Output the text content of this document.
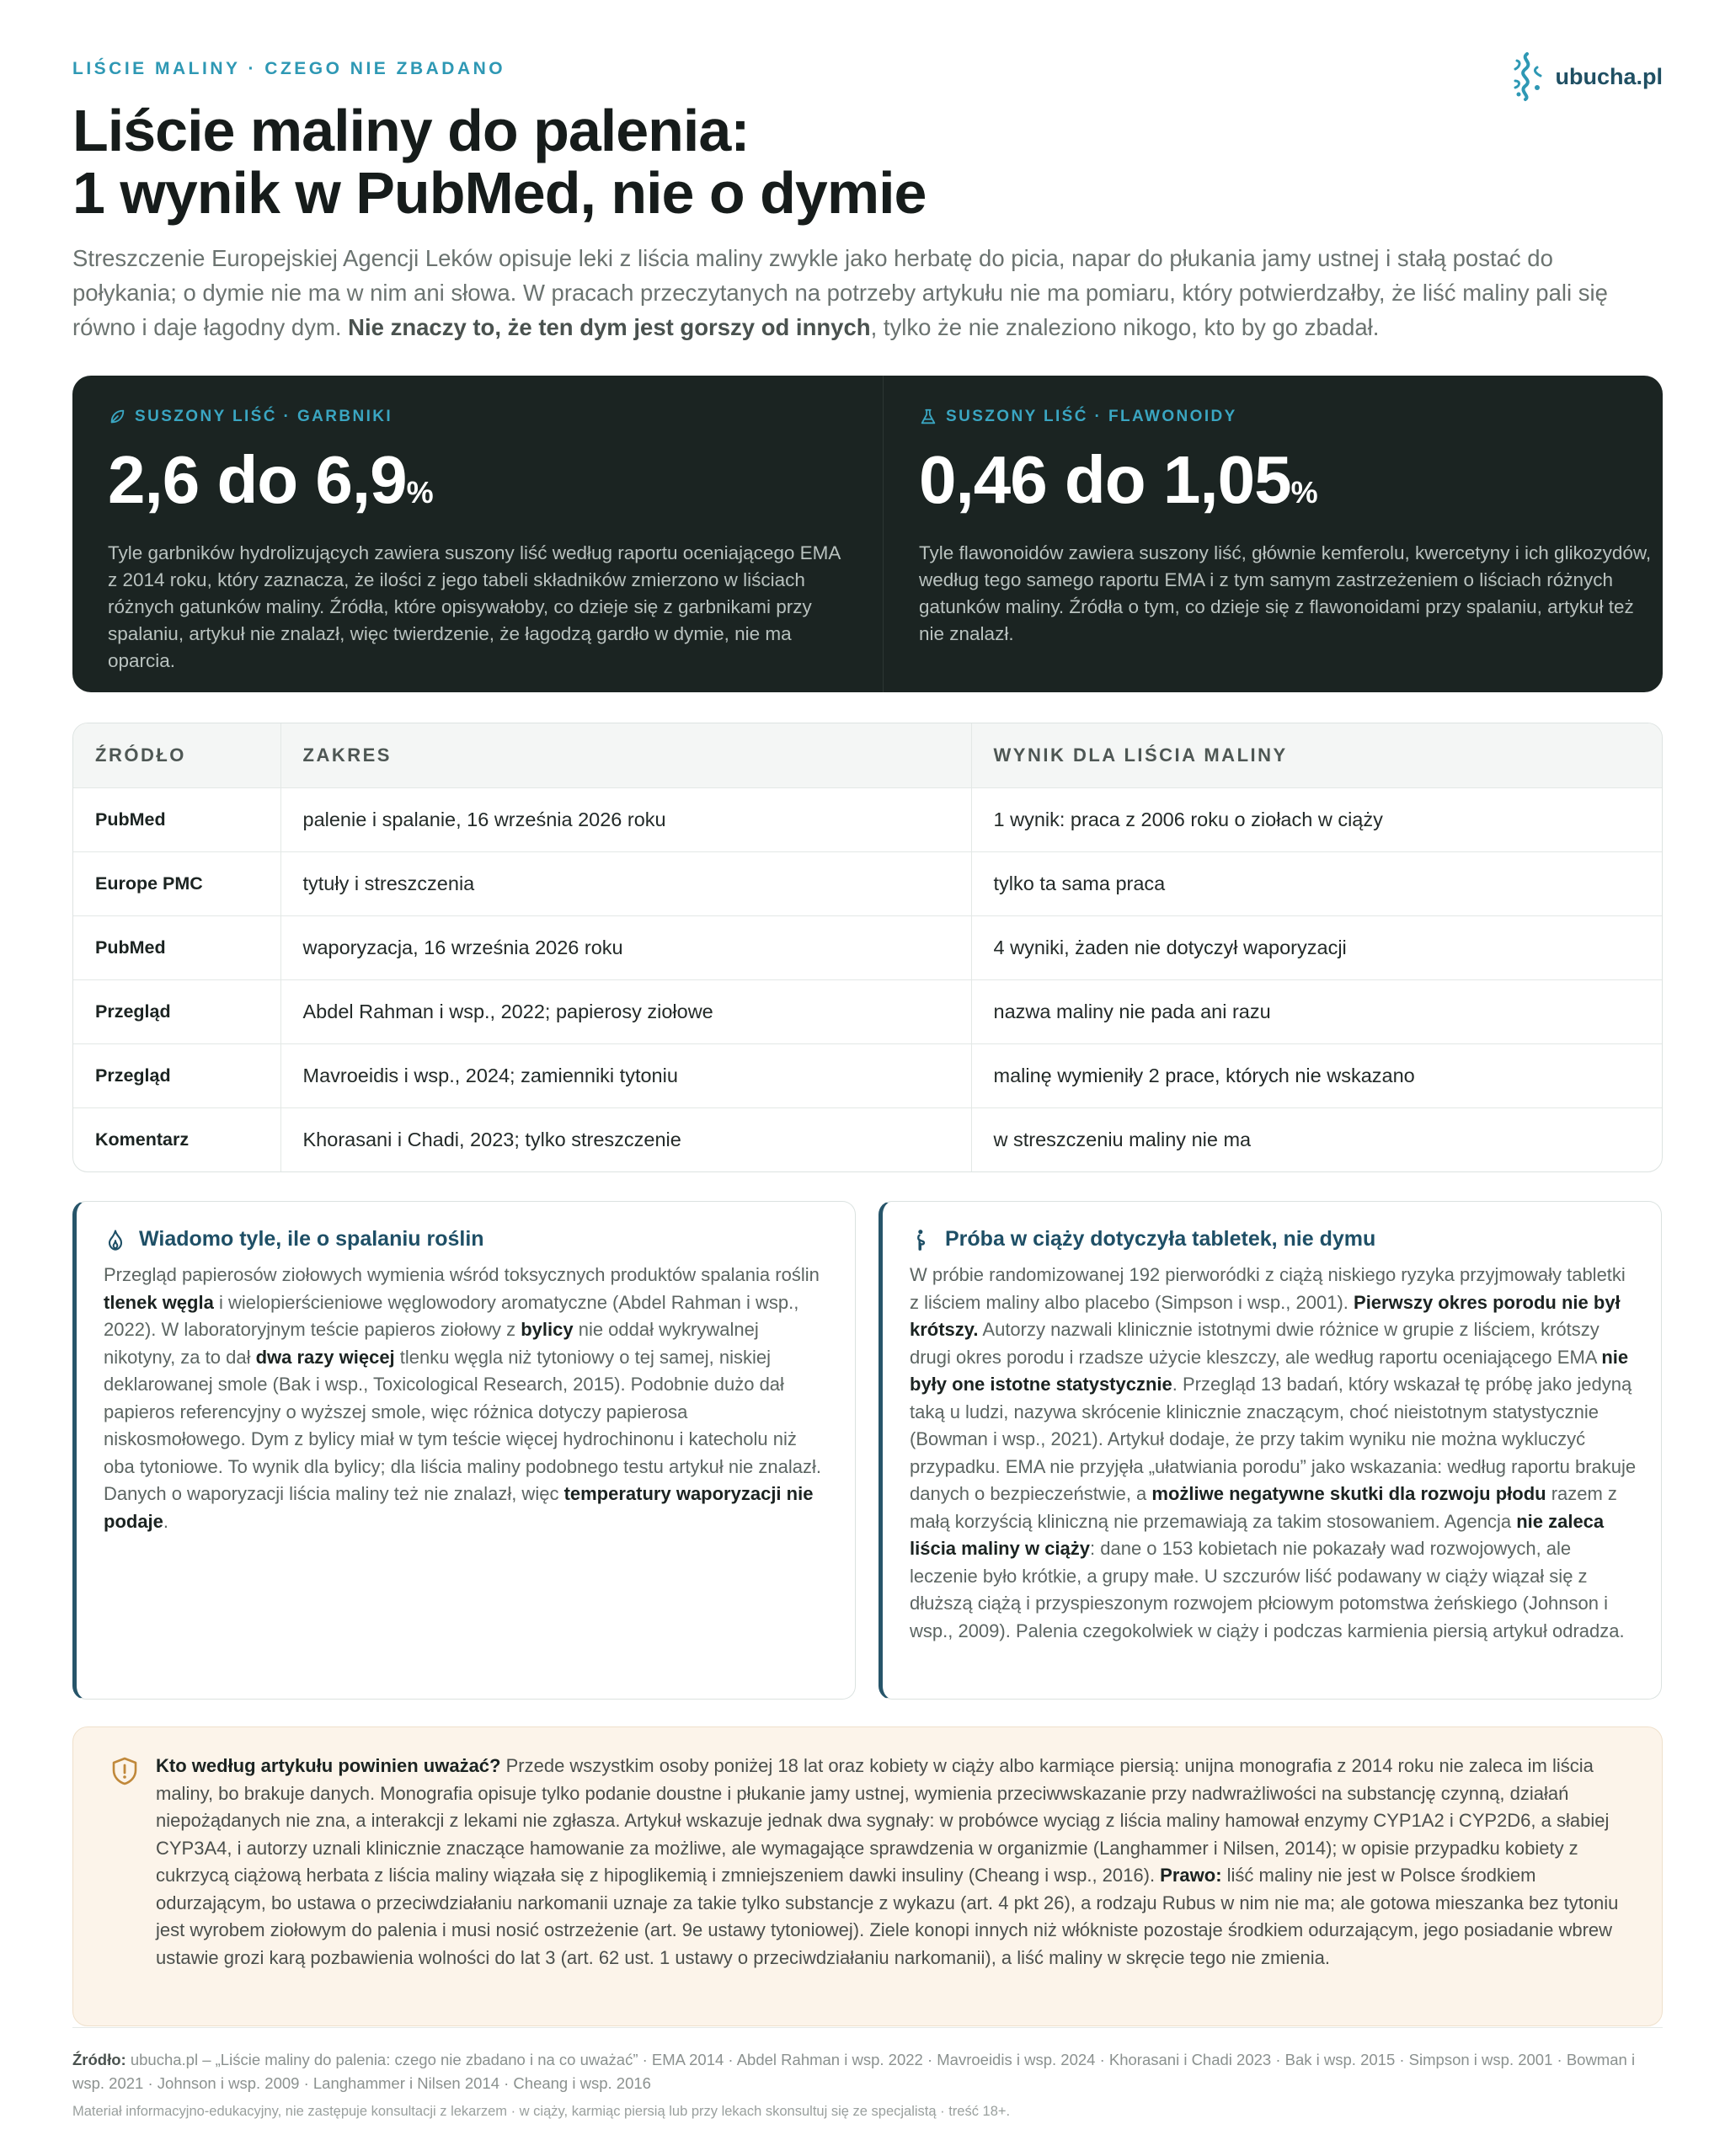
LIŚCIE MALINY · CZEGO NIE ZBADANO	ubucha.pl
Liście maliny do palenia:
1 wynik w PubMed, nie o dymie

Streszczenie Europejskiej Agencji Leków opisuje leki z liścia maliny zwykle jako herbatę do picia, napar do płukania jamy ustnej i stałą postać do połykania; o dymie nie ma w nim ani słowa. W pracach przeczytanych na potrzeby artykułu nie ma pomiaru, który potwierdzałby, że liść maliny pali się równo i daje łagodny dym. Nie znaczy to, że ten dym jest gorszy od innych, tylko że nie znaleziono nikogo, kto by go zbadał.

SUSZONY LIŚĆ · GARBNIKI
2,6 do 6,9%

Tyle garbników hydrolizujących zawiera suszony liść według raportu oceniającego EMA z 2014 roku, który zaznacza, że ilości z jego tabeli składników zmierzono w liściach różnych gatunków maliny. Źródła, które opisywałoby, co dzieje się z garbnikami przy spalaniu, artykuł nie znalazł, więc twierdzenie, że łagodzą gardło w dymie, nie ma oparcia.

SUSZONY LIŚĆ · FLAWONOIDY
0,46 do 1,05%

Tyle flawonoidów zawiera suszony liść, głównie kemferolu, kwercetyny i ich glikozydów, według tego samego raportu EMA i z tym samym zastrzeżeniem o liściach różnych gatunków maliny. Źródła o tym, co dzieje się z flawonoidami przy spalaniu, artykuł też nie znalazł.

ŹRÓDŁO	ZAKRES	WYNIK DLA LIŚCIA MALINY
PubMed	palenie i spalanie, 16 września 2026 roku	1 wynik: praca z 2006 roku o ziołach w ciąży
Europe PMC	tytuły i streszczenia	tylko ta sama praca
PubMed	waporyzacja, 16 września 2026 roku	4 wyniki, żaden nie dotyczył waporyzacji
Przegląd	Abdel Rahman i wsp., 2022; papierosy ziołowe	nazwa maliny nie pada ani razu
Przegląd	Mavroeidis i wsp., 2024; zamienniki tytoniu	malinę wymieniły 2 prace, których nie wskazano
Komentarz	Khorasani i Chadi, 2023; tylko streszczenie	w streszczeniu maliny nie ma
Wiadomo tyle, ile o spalaniu roślin

Przegląd papierosów ziołowych wymienia wśród toksycznych produktów spalania roślin tlenek węgla i wielopierścieniowe węglowodory aromatyczne (Abdel Rahman i wsp., 2022). W laboratoryjnym teście papieros ziołowy z bylicy nie oddał wykrywalnej nikotyny, za to dał dwa razy więcej tlenku węgla niż tytoniowy o tej samej, niskiej deklarowanej smole (Bak i wsp., Toxicological Research, 2015). Podobnie dużo dał papieros referencyjny o wyższej smole, więc różnica dotyczy papierosa niskosmołowego. Dym z bylicy miał w tym teście więcej hydrochinonu i katecholu niż oba tytoniowe. To wynik dla bylicy; dla liścia maliny podobnego testu artykuł nie znalazł. Danych o waporyzacji liścia maliny też nie znalazł, więc temperatury waporyzacji nie podaje.

Próba w ciąży dotyczyła tabletek, nie dymu

W próbie randomizowanej 192 pierworódki z ciążą niskiego ryzyka przyjmowały tabletki z liściem maliny albo placebo (Simpson i wsp., 2001). Pierwszy okres porodu nie był krótszy. Autorzy nazwali klinicznie istotnymi dwie różnice w grupie z liściem, krótszy drugi okres porodu i rzadsze użycie kleszczy, ale według raportu oceniającego EMA nie były one istotne statystycznie. Przegląd 13 badań, który wskazał tę próbę jako jedyną taką u ludzi, nazywa skrócenie klinicznie znaczącym, choć nieistotnym statystycznie (Bowman i wsp., 2021). Artykuł dodaje, że przy takim wyniku nie można wykluczyć przypadku. EMA nie przyjęła „ułatwiania porodu” jako wskazania: według raportu brakuje danych o bezpieczeństwie, a możliwe negatywne skutki dla rozwoju płodu razem z małą korzyścią kliniczną nie przemawiają za takim stosowaniem. Agencja nie zaleca liścia maliny w ciąży: dane o 153 kobietach nie pokazały wad rozwojowych, ale leczenie było krótkie, a grupy małe. U szczurów liść podawany w ciąży wiązał się z dłuższą ciążą i przyspieszonym rozwojem płciowym potomstwa żeńskiego (Johnson i wsp., 2009). Palenia czegokolwiek w ciąży i podczas karmienia piersią artykuł odradza.

Kto według artykułu powinien uważać? Przede wszystkim osoby poniżej 18 lat oraz kobiety w ciąży albo karmiące piersią: unijna monografia z 2014 roku nie zaleca im liścia maliny, bo brakuje danych. Monografia opisuje tylko podanie doustne i płukanie jamy ustnej, wymienia przeciwwskazanie przy nadwrażliwości na substancję czynną, działań niepożądanych nie zna, a interakcji z lekami nie zgłasza. Artykuł wskazuje jednak dwa sygnały: w probówce wyciąg z liścia maliny hamował enzymy CYP1A2 i CYP2D6, a słabiej CYP3A4, i autorzy uznali klinicznie znaczące hamowanie za możliwe, ale wymagające sprawdzenia w organizmie (Langhammer i Nilsen, 2014); w opisie przypadku kobiety z cukrzycą ciążową herbata z liścia maliny wiązała się z hipoglikemią i zmniejszeniem dawki insuliny (Cheang i wsp., 2016). Prawo: liść maliny nie jest w Polsce środkiem odurzającym, bo ustawa o przeciwdziałaniu narkomanii uznaje za takie tylko substancje z wykazu (art. 4 pkt 26), a rodzaju Rubus w nim nie ma; ale gotowa mieszanka bez tytoniu jest wyrobem ziołowym do palenia i musi nosić ostrzeżenie (art. 9e ustawy tytoniowej). Ziele konopi innych niż włókniste pozostaje środkiem odurzającym, jego posiadanie wbrew ustawie grozi karą pozbawienia wolności do lat 3 (art. 62 ust. 1 ustawy o przeciwdziałaniu narkomanii), a liść maliny w skręcie tego nie zmienia.

Źródło: ubucha.pl – „Liście maliny do palenia: czego nie zbadano i na co uważać” · EMA 2014 · Abdel Rahman i wsp. 2022 · Mavroeidis i wsp. 2024 · Khorasani i Chadi 2023 · Bak i wsp. 2015 · Simpson i wsp. 2001 · Bowman i wsp. 2021 · Johnson i wsp. 2009 · Langhammer i Nilsen 2014 · Cheang i wsp. 2016

Materiał informacyjno-edukacyjny, nie zastępuje konsultacji z lekarzem · w ciąży, karmiąc piersią lub przy lekach skonsultuj się ze specjalistą · treść 18+.
